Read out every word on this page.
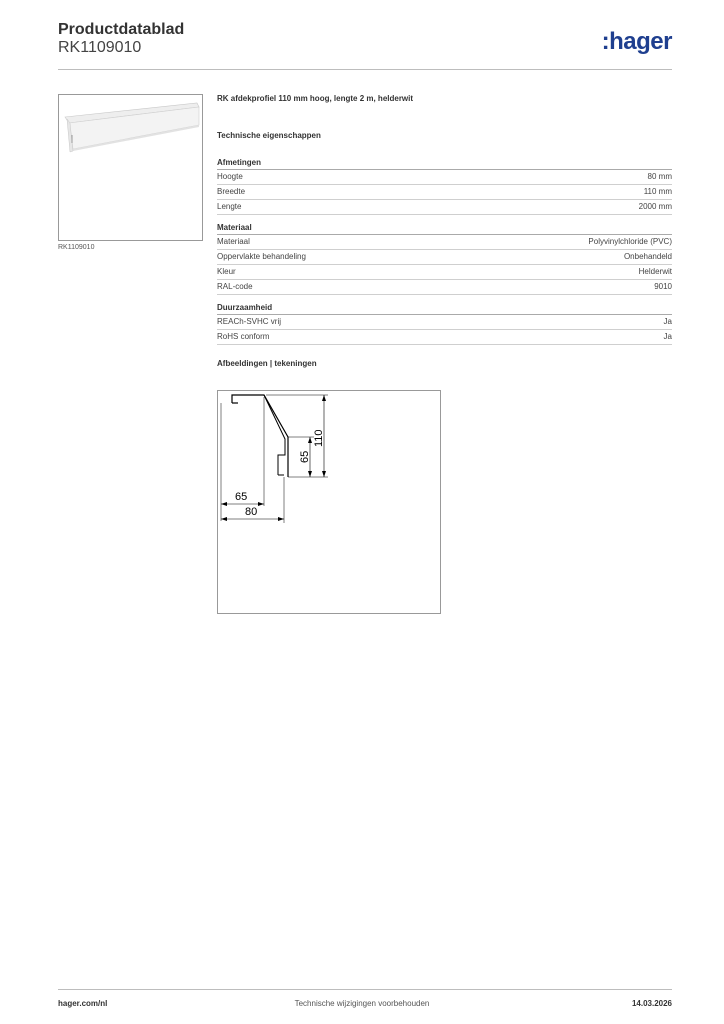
Productdatablad
RK1109010	:hager
RK1109010

RK afdekprofiel 110 mm hoog, lengte 2 m, helderwit

Technische eigenschappen

Afmetingen

Hoogte	80 mm
Breedte	110 mm
Lengte	2000 mm

Materiaal

Materiaal	Polyvinylchloride (PVC)
Oppervlakte behandeling	Onbehandeld
Kleur	Helderwit
RAL-code	9010

Duurzaamheid

REACh-SVHC vrij	Ja
RoHS conform	Ja

Afbeeldingen | tekeningen

110
65
65
80
hager.com/nl	Technische wijzigingen voorbehouden	14.03.2026
